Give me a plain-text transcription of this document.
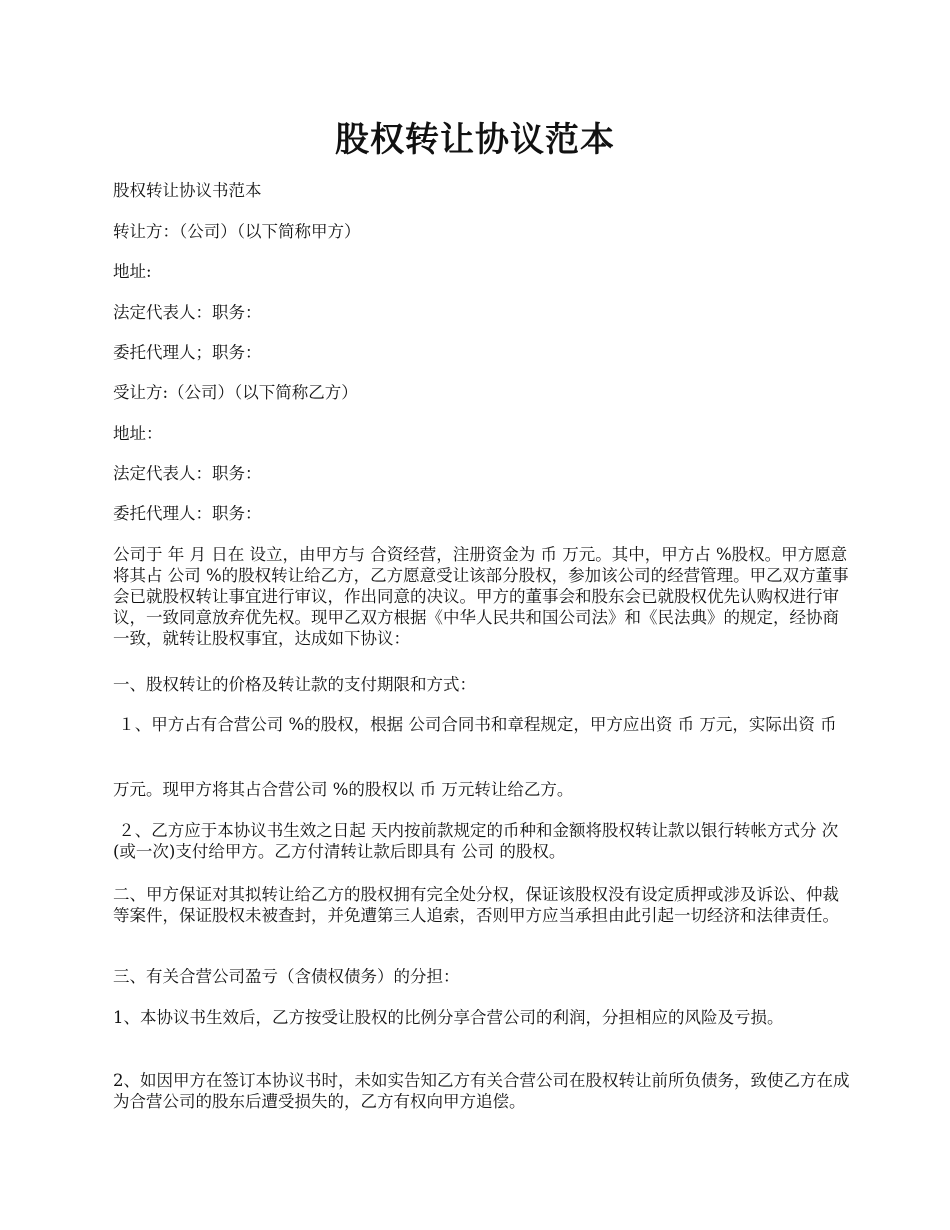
股权转让协议范本

股权转让协议书范本

转让方：（公司）（以下简称甲方）

地址:

法定代表人：职务：

委托代理人；职务：

受让方:（公司）（以下简称乙方）

地址：

法定代表人：职务：

委托代理人：职务：

公司于 年 月 日在 设立，由甲方与 合资经营，注册资金为 币 万元。其中，甲方占 %股权。甲方愿意将其占 公司 %的股权转让给乙方，乙方愿意受让该部分股权，参加该公司的经营管理。甲乙双方董事会已就股权转让事宜进行审议，作出同意的决议。甲方的董事会和股东会已就股权优先认购权进行审议，一致同意放弃优先权。现甲乙双方根据《中华人民共和国公司法》和《民法典》的规定，经协商一致，就转让股权事宜，达成如下协议：

一、股权转让的价格及转让款的支付期限和方式：

１、甲方占有合营公司 %的股权，根据 公司合同书和章程规定，甲方应出资 币 万元，实际出资 币

万元。现甲方将其占合营公司 %的股权以 币 万元转让给乙方。

２、乙方应于本协议书生效之日起 天内按前款规定的币种和金额将股权转让款以银行转帐方式分 次(或一次)支付给甲方。乙方付清转让款后即具有 公司 的股权。

二、甲方保证对其拟转让给乙方的股权拥有完全处分权，保证该股权没有设定质押或涉及诉讼、仲裁等案件，保证股权未被查封，并免遭第三人追索，否则甲方应当承担由此引起一切经济和法律责任。

三、有关合营公司盈亏（含债权债务）的分担：

1、本协议书生效后，乙方按受让股权的比例分享合营公司的利润，分担相应的风险及亏损。

2、如因甲方在签订本协议书时，未如实告知乙方有关合营公司在股权转让前所负债务，致使乙方在成为合营公司的股东后遭受损失的，乙方有权向甲方追偿。
